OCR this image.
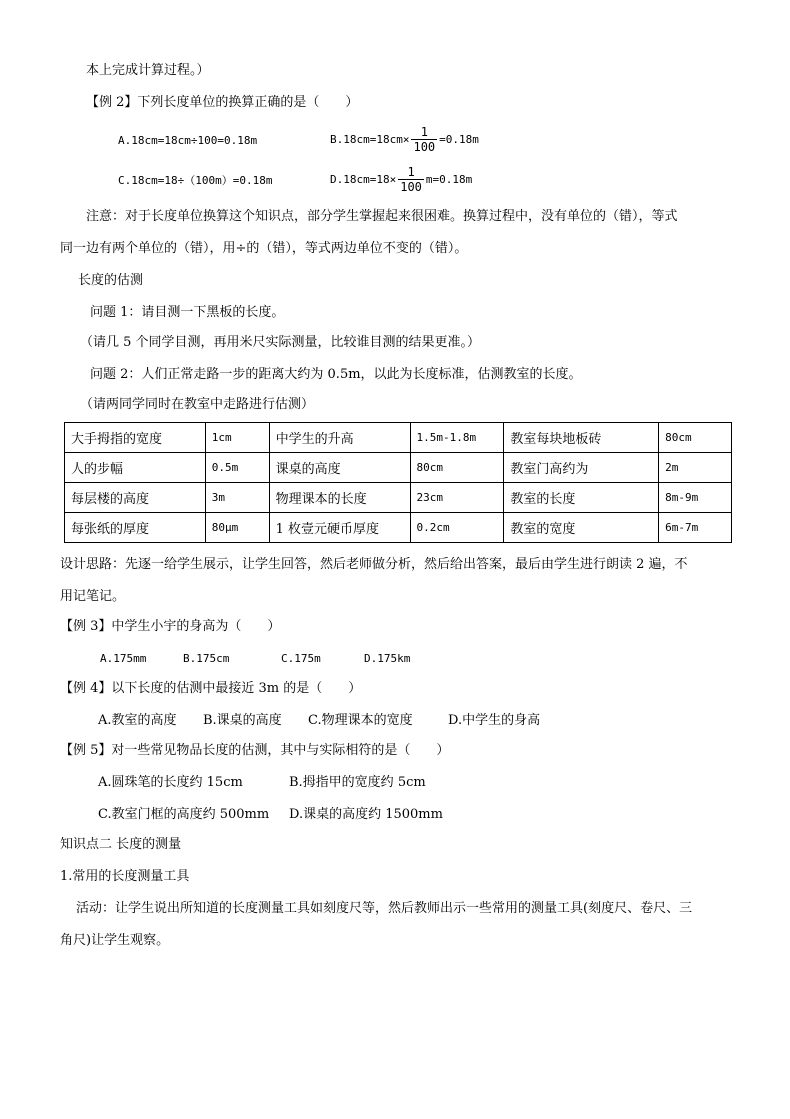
本上完成计算过程。）
【例 2】下列长度单位的换算正确的是（　　）
A.18cm=18cm÷100=0.18m	$B.18cm=18cm\times \frac{1}{100} =0.18m$
C.18cm=18÷（100m）=0.18m	$D.18cm=18\times \frac{1}{100} m=0.18m$
注意：对于长度单位换算这个知识点，部分学生掌握起来很困难。换算过程中，没有单位的（错），等式
同一边有两个单位的（错），用÷的（错），等式两边单位不变的（错）。
长度的估测
问题 1：请目测一下黑板的长度。
（请几 5 个同学目测，再用米尺实际测量，比较谁目测的结果更准。）
问题 2：人们正常走路一步的距离大约为 0.5m，以此为长度标准，估测教室的长度。
（请两同学同时在教室中走路进行估测）
大手拇指的宽度	1cm	中学生的升高	1.5m-1.8m	教室每块地板砖	80cm
人的步幅	0.5m	课桌的高度	80cm	教室门高约为	2m
每层楼的高度	3m	物理课本的长度	23cm	教室的长度	8m-9m
每张纸的厚度	80μm	1 枚壹元硬币厚度	0.2cm	教室的宽度	6m-7m
设计思路：先逐一给学生展示，让学生回答，然后老师做分析，然后给出答案，最后由学生进行朗读 2 遍，不
用记笔记。
【例 3】中学生小宇的身高为（　　）
A.175mm	B.175cm	C.175m	D.175km
【例 4】以下长度的估测中最接近 3m 的是（　　）
A.教室的高度 B.课桌的高度 C.物理课本的宽度	D.中学生的身高
【例 5】对一些常见物品长度的估测，其中与实际相符的是（　　）
A.圆珠笔的长度约 15cm	B.拇指甲的宽度约 5cm
C.教室门框的高度约 500mm D.课桌的高度约 1500mm
知识点二 长度的测量
1.常用的长度测量工具
活动：让学生说出所知道的长度测量工具如刻度尺等，然后教师出示一些常用的测量工具(刻度尺、卷尺、三
角尺)让学生观察。
